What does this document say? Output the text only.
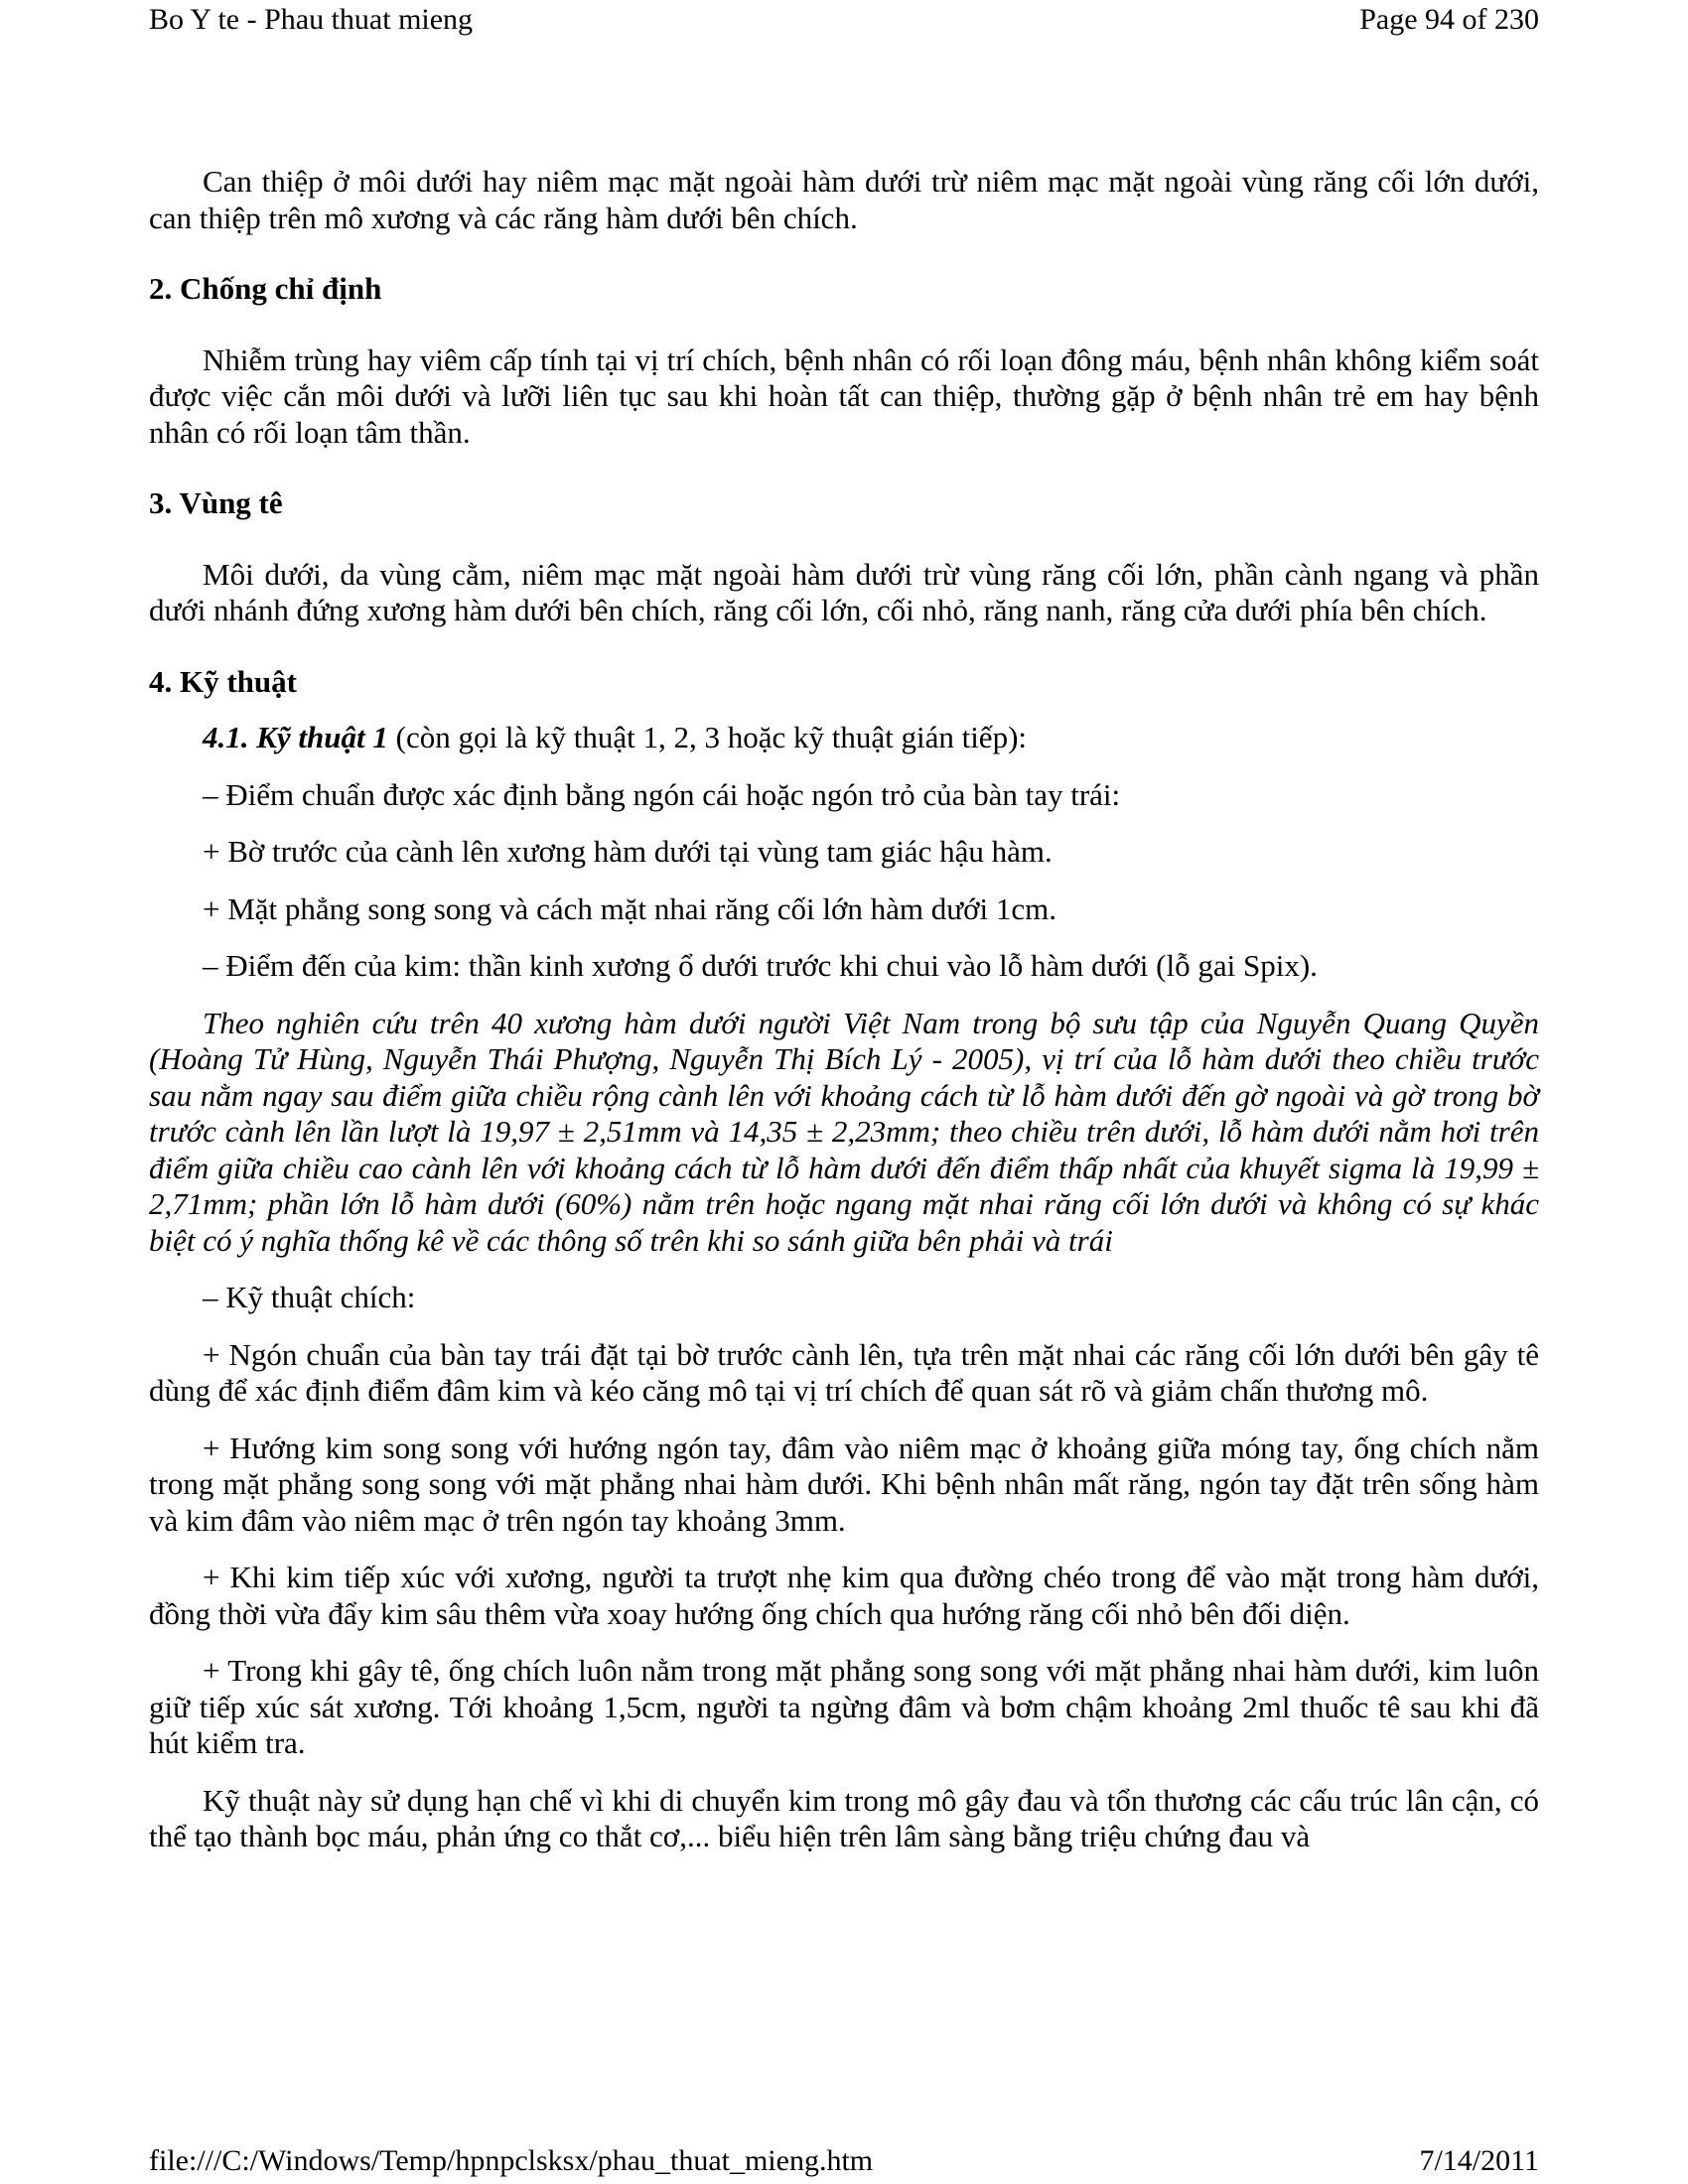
Bo Y te - Phau thuat mieng	Page 94 of 230

Can thiệp ở môi dưới hay niêm mạc mặt ngoài hàm dưới trừ niêm mạc mặt ngoài vùng răng cối lớn dưới, can thiệp trên mô xương và các răng hàm dưới bên chích.

2. Chống chỉ định

Nhiễm trùng hay viêm cấp tính tại vị trí chích, bệnh nhân có rối loạn đông máu, bệnh nhân không kiểm soát được việc cắn môi dưới và lưỡi liên tục sau khi hoàn tất can thiệp, thường gặp ở bệnh nhân trẻ em hay bệnh nhân có rối loạn tâm thần.

3. Vùng tê

Môi dưới, da vùng cằm, niêm mạc mặt ngoài hàm dưới trừ vùng răng cối lớn, phần cành ngang và phần dưới nhánh đứng xương hàm dưới bên chích, răng cối lớn, cối nhỏ, răng nanh, răng cửa dưới phía bên chích.

4. Kỹ thuật

4.1. Kỹ thuật 1 (còn gọi là kỹ thuật 1, 2, 3 hoặc kỹ thuật gián tiếp):

– Điểm chuẩn được xác định bằng ngón cái hoặc ngón trỏ của bàn tay trái:

+ Bờ trước của cành lên xương hàm dưới tại vùng tam giác hậu hàm.

+ Mặt phẳng song song và cách mặt nhai răng cối lớn hàm dưới 1cm.

– Điểm đến của kim: thần kinh xương ổ dưới trước khi chui vào lỗ hàm dưới (lỗ gai Spix).

Theo nghiên cứu trên 40 xương hàm dưới người Việt Nam trong bộ sưu tập của Nguyễn Quang Quyền (Hoàng Tử Hùng, Nguyễn Thái Phượng, Nguyễn Thị Bích Lý - 2005), vị trí của lỗ hàm dưới theo chiều trước sau nằm ngay sau điểm giữa chiều rộng cành lên với khoảng cách từ lỗ hàm dưới đến gờ ngoài và gờ trong bờ trước cành lên lần lượt là 19,97 ± 2,51mm và 14,35 ± 2,23mm; theo chiều trên dưới, lỗ hàm dưới nằm hơi trên điểm giữa chiều cao cành lên với khoảng cách từ lỗ hàm dưới đến điểm thấp nhất của khuyết sigma là 19,99 ± 2,71mm; phần lớn lỗ hàm dưới (60%) nằm trên hoặc ngang mặt nhai răng cối lớn dưới và không có sự khác biệt có ý nghĩa thống kê về các thông số trên khi so sánh giữa bên phải và trái

– Kỹ thuật chích:

+ Ngón chuẩn của bàn tay trái đặt tại bờ trước cành lên, tựa trên mặt nhai các răng cối lớn dưới bên gây tê dùng để xác định điểm đâm kim và kéo căng mô tại vị trí chích để quan sát rõ và giảm chấn thương mô.

+ Hướng kim song song với hướng ngón tay, đâm vào niêm mạc ở khoảng giữa móng tay, ống chích nằm trong mặt phẳng song song với mặt phẳng nhai hàm dưới. Khi bệnh nhân mất răng, ngón tay đặt trên sống hàm và kim đâm vào niêm mạc ở trên ngón tay khoảng 3mm.

+ Khi kim tiếp xúc với xương, người ta trượt nhẹ kim qua đường chéo trong để vào mặt trong hàm dưới, đồng thời vừa đẩy kim sâu thêm vừa xoay hướng ống chích qua hướng răng cối nhỏ bên đối diện.

+ Trong khi gây tê, ống chích luôn nằm trong mặt phẳng song song với mặt phẳng nhai hàm dưới, kim luôn giữ tiếp xúc sát xương. Tới khoảng 1,5cm, người ta ngừng đâm và bơm chậm khoảng 2ml thuốc tê sau khi đã hút kiểm tra.

Kỹ thuật này sử dụng hạn chế vì khi di chuyển kim trong mô gây đau và tổn thương các cấu trúc lân cận, có thể tạo thành bọc máu, phản ứng co thắt cơ,... biểu hiện trên lâm sàng bằng triệu chứng đau và

file:///C:/Windows/Temp/hpnpclsksx/phau_thuat_mieng.htm	7/14/2011
